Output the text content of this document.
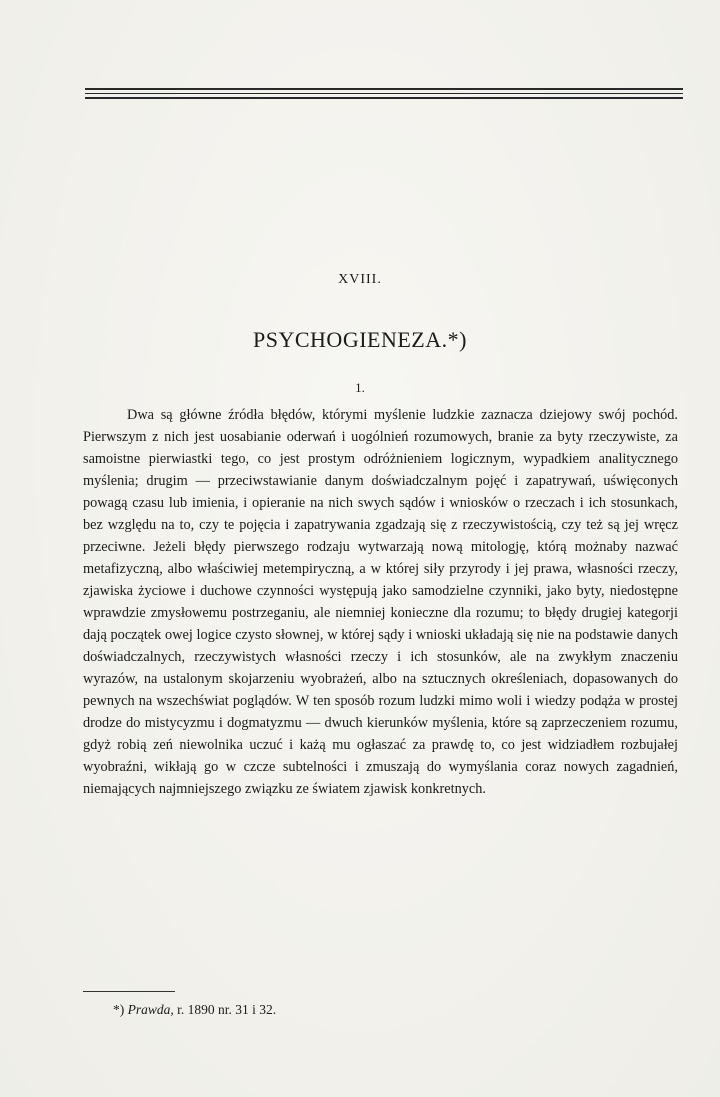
XVIII.
PSYCHOGIENEZA.*)
1.

Dwa są główne źródła błędów, którymi myślenie ludzkie zaznacza dziejowy swój pochód. Pierwszym z nich jest uosabianie oderwań i uogólnień rozumowych, branie za byty rzeczywiste, za samoistne pierwiastki tego, co jest prostym odróżnieniem logicznym, wypadkiem analitycznego myślenia; drugim — przeciwstawianie danym doświadczalnym pojęć i zapatrywań, uświęconych powagą czasu lub imienia, i opieranie na nich swych sądów i wniosków o rzeczach i ich stosunkach, bez względu na to, czy te pojęcia i zapatrywania zgadzają się z rzeczywistością, czy też są jej wręcz przeciwne. Jeżeli błędy pierwszego rodzaju wytwarzają nową mitologję, którą możnaby nazwać metafizyczną, albo właściwiej metempiryczną, a w której siły przyrody i jej prawa, własności rzeczy, zjawiska życiowe i duchowe czynności występują jako samodzielne czynniki, jako byty, niedostępne wprawdzie zmysłowemu postrzeganiu, ale niemniej konieczne dla rozumu; to błędy drugiej kategorji dają początek owej logice czysto słownej, w której sądy i wnioski układają się nie na podstawie danych doświadczalnych, rzeczywistych własności rzeczy i ich stosunków, ale na zwykłym znaczeniu wyrazów, na ustalonym skojarzeniu wyobrażeń, albo na sztucznych określeniach, dopasowanych do pewnych na wszechświat poglądów. W ten sposób rozum ludzki mimo woli i wiedzy podąża w prostej drodze do mistycyzmu i dogmatyzmu — dwuch kierunków myślenia, które są zaprzeczeniem rozumu, gdyż robią zeń niewolnika uczuć i każą mu ogłaszać za prawdę to, co jest widziadłem rozbujałej wyobraźni, wikłają go w czcze subtelności i zmuszają do wymyślania coraz nowych zagadnień, niemających najmniejszego związku ze światem zjawisk konkretnych.

*) Prawda, r. 1890 nr. 31 i 32.
